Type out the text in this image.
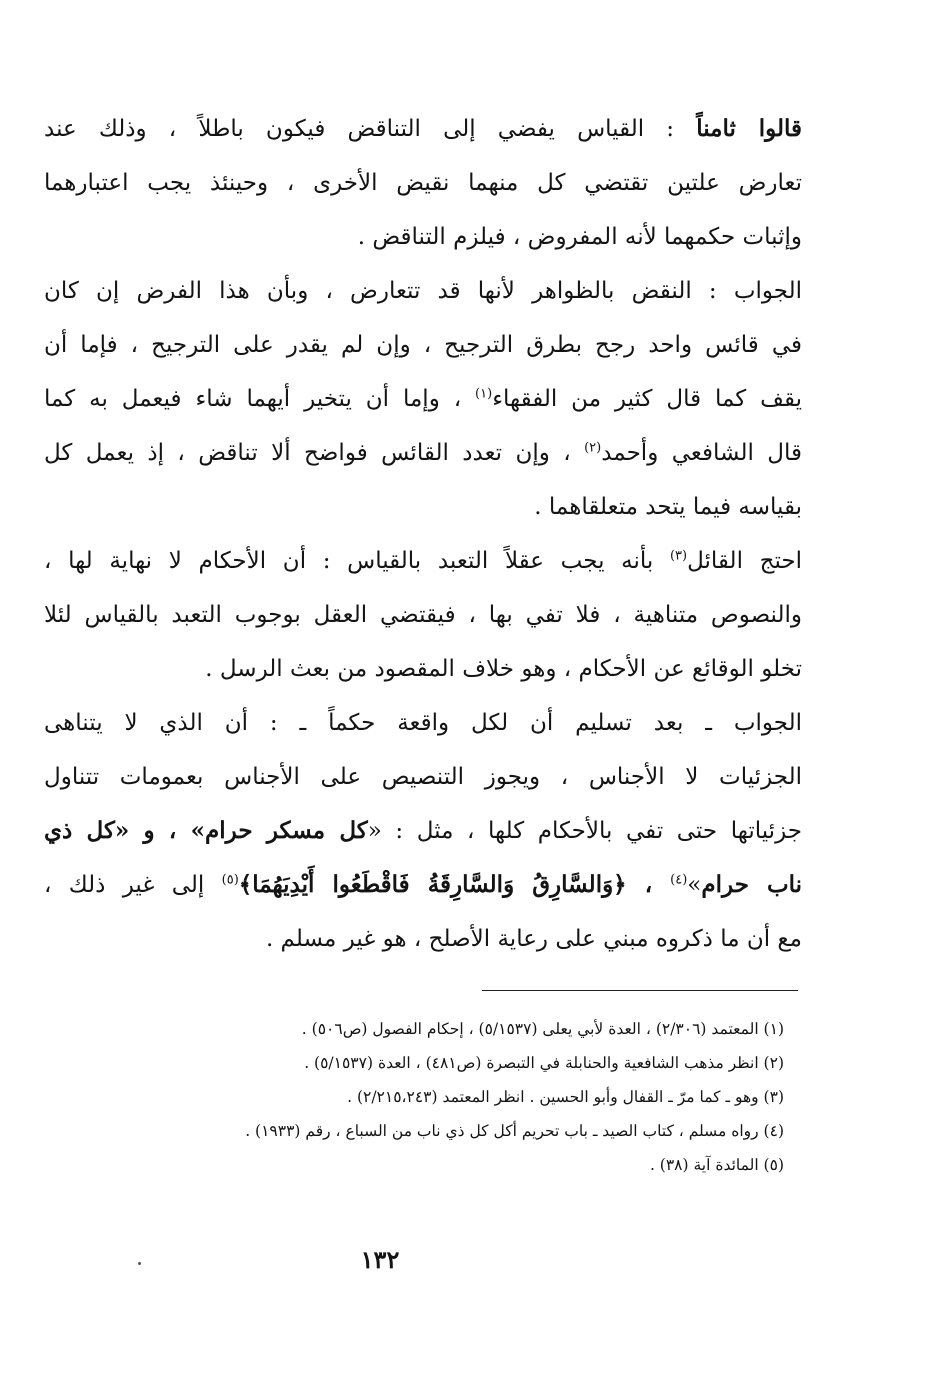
قالوا ثامناً : القياس يفضي إلى التناقض فيكون باطلاً ، وذلك عند
تعارض علتين تقتضي كل منهما نقيض الأخرى ، وحينئذ يجب اعتبارهما
وإثبات حكمهما لأنه المفروض ، فيلزم التناقض .
الجواب : النقض بالظواهر لأنها قد تتعارض ، وبأن هذا الفرض إن كان
في قائس واحد رجح بطرق الترجيح ، وإن لم يقدر على الترجيح ، فإما أن
يقف كما قال كثير من الفقهاء$^{(١)}$ ، وإما أن يتخير أيهما شاء فيعمل به كما
قال الشافعي وأحمد$^{(٢)}$ ، وإن تعدد القائس فواضح ألا تناقض ، إذ يعمل كل
بقياسه فيما يتحد متعلقاهما .
احتج القائل$^{(٣)}$ بأنه يجب عقلاً التعبد بالقياس : أن الأحكام لا نهاية لها ،
والنصوص متناهية ، فلا تفي بها ، فيقتضي العقل بوجوب التعبد بالقياس لئلا
تخلو الوقائع عن الأحكام ، وهو خلاف المقصود من بعث الرسل .
الجواب ـ بعد تسليم أن لكل واقعة حكماً ـ : أن الذي لا يتناهى
الجزئيات لا الأجناس ، ويجوز التنصيص على الأجناس بعمومات تتناول
جزئياتها حتى تفي بالأحكام كلها ، مثل : «كل مسكر حرام» ، و «كل ذي
ناب حرام»$^{(٤)}$ ، ﴿وَالسَّارِقُ وَالسَّارِقَةُ فَاقْطَعُوا أَيْدِيَهُمَا﴾$^{(٥)}$ إلى غير ذلك ،
مع أن ما ذكروه مبني على رعاية الأصلح ، هو غير مسلم .
(١) المعتمد (٢/٣٠٦) ، العدة لأبي يعلى (٥/١٥٣٧) ، إحكام الفصول (ص٥٠٦) .
(٢) انظر مذهب الشافعية والحنابلة في التبصرة (ص٤٨١) ، العدة (٥/١٥٣٧) .
(٣) وهو ـ كما مرّ ـ القفال وأبو الحسين . انظر المعتمد (٢/٢١٥،٢٤٣) .
(٤) رواه مسلم ، كتاب الصيد ـ باب تحريم أكل كل ذي ناب من السباع ، رقم (١٩٣٣) .
(٥) المائدة آية (٣٨) .
١٣٢
